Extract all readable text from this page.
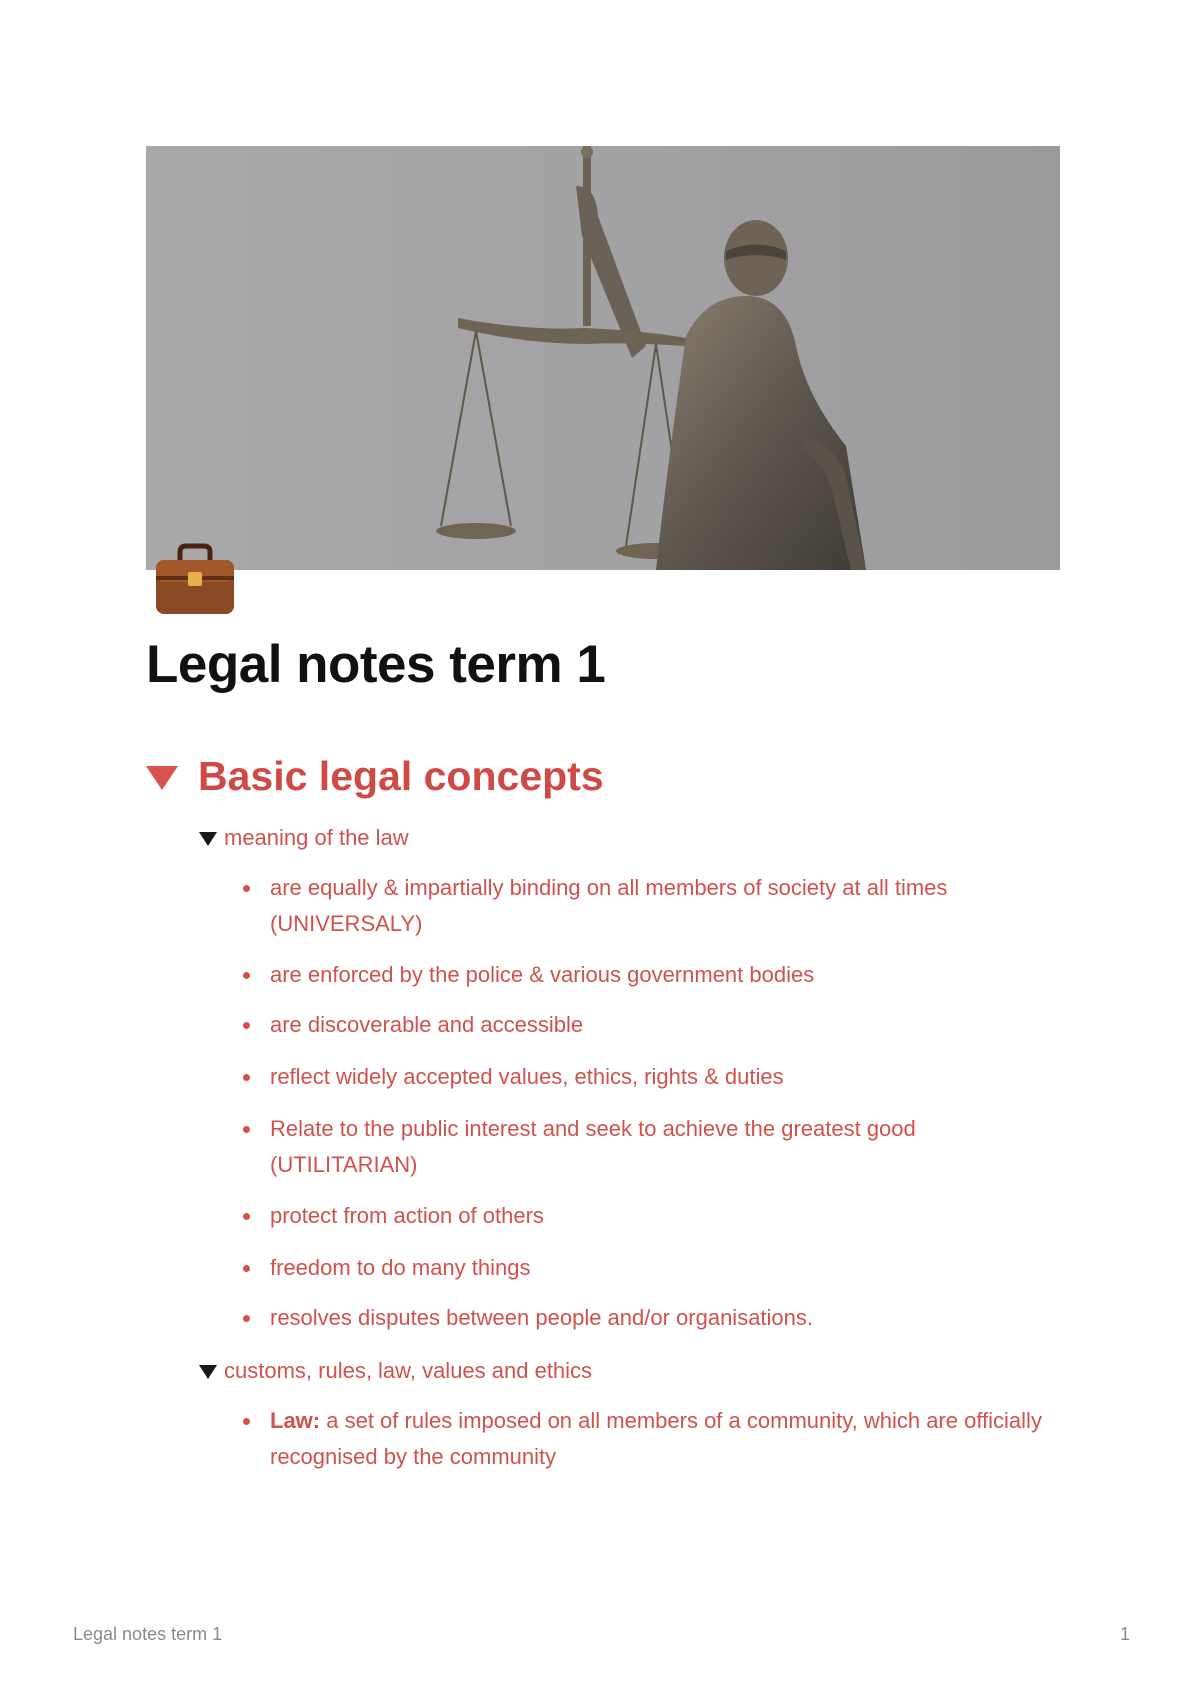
Legal notes term 1
Basic legal concepts
meaning of the law
are equally & impartially binding on all members of society at all times (UNIVERSALY)
are enforced by the police & various government bodies
are discoverable and accessible
reflect widely accepted values, ethics, rights & duties
Relate to the public interest and seek to achieve the greatest good (UTILITARIAN)
protect from action of others
freedom to do many things
resolves disputes between people and/or organisations.
customs, rules, law, values and ethics
Law: a set of rules imposed on all members of a community, which are officially recognised by the community
Legal notes term 1	1
